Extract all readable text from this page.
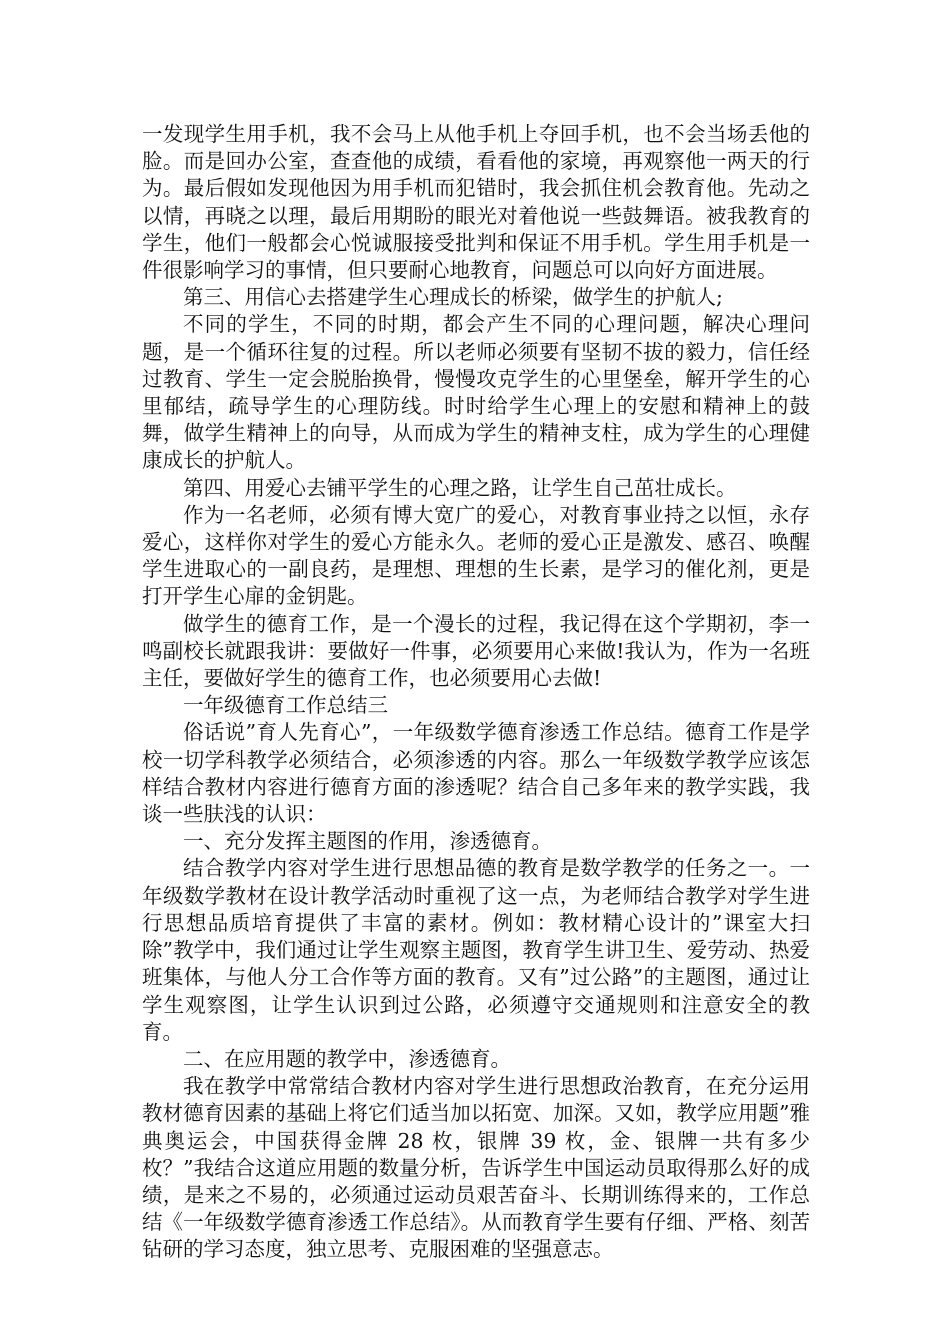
一发现学生用手机，我不会马上从他手机上夺回手机，也不会当场丢他的脸。而是回办公室，查查他的成绩，看看他的家境，再观察他一两天的行为。最后假如发现他因为用手机而犯错时，我会抓住机会教育他。先动之以情，再晓之以理，最后用期盼的眼光对着他说一些鼓舞语。被我教育的学生，他们一般都会心悦诚服接受批判和保证不用手机。学生用手机是一件很影响学习的事情，但只要耐心地教育，问题总可以向好方面进展。

第三、用信心去搭建学生心理成长的桥梁，做学生的护航人;

不同的学生，不同的时期，都会产生不同的心理问题，解决心理问题，是一个循环往复的过程。所以老师必须要有坚韧不拔的毅力，信任经过教育、学生一定会脱胎换骨，慢慢攻克学生的心里堡垒，解开学生的心里郁结，疏导学生的心理防线。时时给学生心理上的安慰和精神上的鼓舞，做学生精神上的向导，从而成为学生的精神支柱，成为学生的心理健康成长的护航人。

第四、用爱心去铺平学生的心理之路，让学生自己茁壮成长。

作为一名老师，必须有博大宽广的爱心，对教育事业持之以恒，永存爱心，这样你对学生的爱心方能永久。老师的爱心正是激发、感召、唤醒学生进取心的一副良药，是理想、理想的生长素，是学习的催化剂，更是打开学生心扉的金钥匙。

做学生的德育工作，是一个漫长的过程，我记得在这个学期初，李一鸣副校长就跟我讲：要做好一件事，必须要用心来做!我认为，作为一名班主任，要做好学生的德育工作，也必须要用心去做!

一年级德育工作总结三

俗话说”育人先育心”，一年级数学德育渗透工作总结。德育工作是学校一切学科教学必须结合，必须渗透的内容。那么一年级数学教学应该怎样结合教材内容进行德育方面的渗透呢？结合自己多年来的教学实践，我谈一些肤浅的认识：

一、充分发挥主题图的作用，渗透德育。

结合教学内容对学生进行思想品德的教育是数学教学的任务之一。一年级数学教材在设计教学活动时重视了这一点，为老师结合教学对学生进行思想品质培育提供了丰富的素材。例如：教材精心设计的”课室大扫除”教学中，我们通过让学生观察主题图，教育学生讲卫生、爱劳动、热爱班集体，与他人分工合作等方面的教育。又有”过公路”的主题图，通过让学生观察图，让学生认识到过公路，必须遵守交通规则和注意安全的教育。

二、在应用题的教学中，渗透德育。

我在教学中常常结合教材内容对学生进行思想政治教育，在充分运用教材德育因素的基础上将它们适当加以拓宽、加深。又如，教学应用题”雅典奥运会，中国获得金牌 28 枚，银牌 39 枚，金、银牌一共有多少枚？”我结合这道应用题的数量分析，告诉学生中国运动员取得那么好的成绩，是来之不易的，必须通过运动员艰苦奋斗、长期训练得来的，工作总结《一年级数学德育渗透工作总结》。从而教育学生要有仔细、严格、刻苦钻研的学习态度，独立思考、克服困难的坚强意志。
